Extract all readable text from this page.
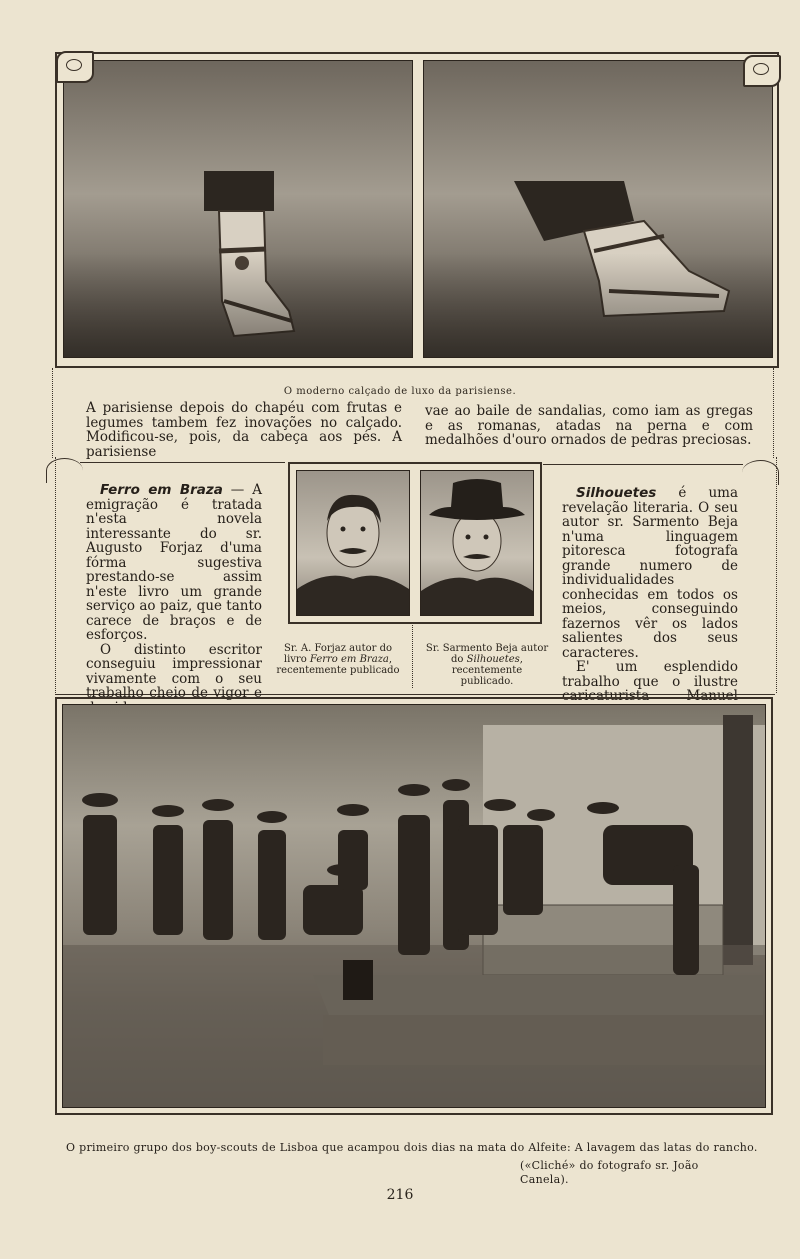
O moderno calçado de luxo da parisiense.
A parisiense depois do chapéu com frutas e legumes tambem fez inovações no calçado. Modificou-se, pois, da cabeça aos pés. A parisiense
vae ao baile de sandalias, como iam as gregas e as romanas, atadas na perna e com medalhões d'ouro ornados de pedras preciosas.
Ferro em Braza — A emigração é tratada n'esta novela interessante do sr. Augusto Forjaz d'uma fórma sugestiva prestando-se assim n'este livro um grande serviço ao paiz, que tanto carece de braços e de esforços.
O distinto escritor conseguiu impressionar vivamente com o seu trabalho cheio de vigor e
Sr. A. Forjaz autor do livro Ferro em Braza, recentemente publicado
Sr. Sarmento Beja autor do Silhouetes, recentemente publicado.
Silhouetes é uma revelação literaria. O seu autor sr. Sarmento Beja n'uma linguagem pitoresca fotografa grande numero de individualidades conhecidas em todos os meios, conseguindo fazernos vêr os lados salientes dos seus caracteres.
E' um esplendido trabalho que o ilustre caricaturista Manuel
O primeiro grupo dos boy-scouts de Lisboa que acampou dois dias na mata do Alfeite: A lavagem das latas do rancho.
(«Cliché» do fotografo sr. João Canela).
216
